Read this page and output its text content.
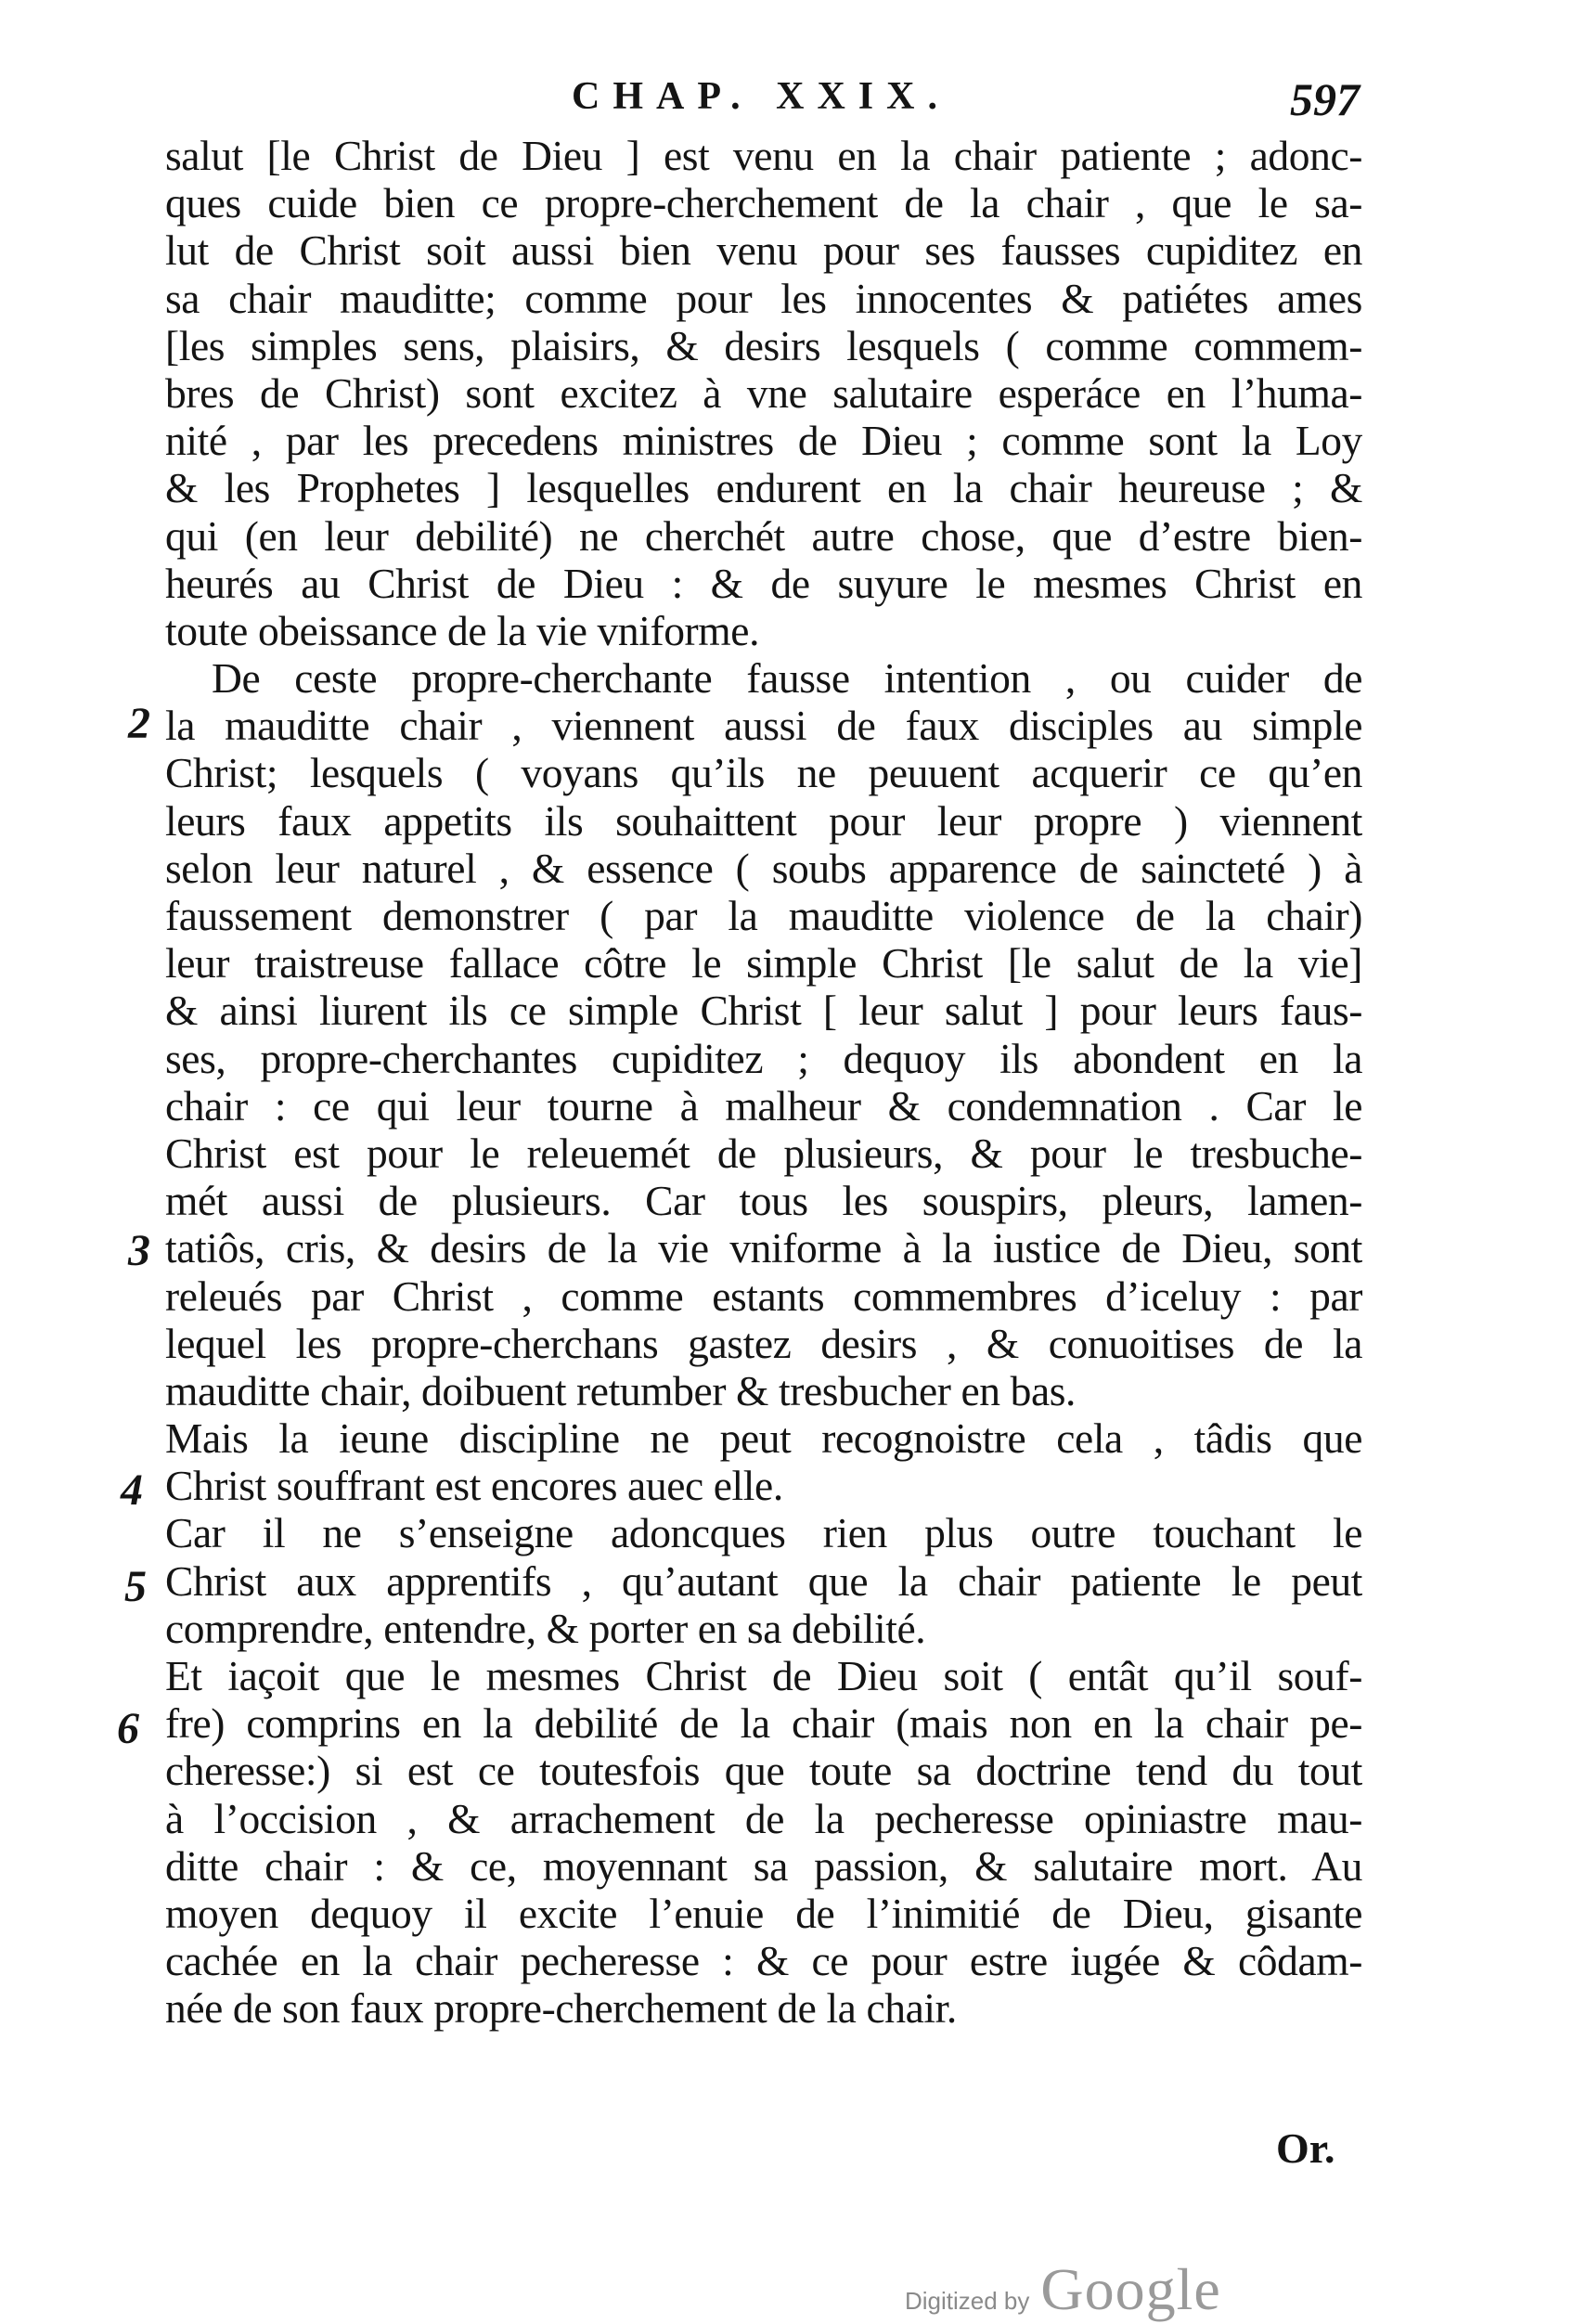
CHAP. XXIX.	597
salut [le Christ de Dieu ] est venu en la chair patiente ; adonc-
ques cuide bien ce propre-cherchement de la chair , que le sa-
lut de Christ soit aussi bien venu pour ses fausses cupiditez en
sa chair mauditte; comme pour les innocentes & patiétes ames
[les simples sens, plaisirs, & desirs lesquels ( comme commem-
bres de Christ) sont excitez à vne salutaire esperáce en l’huma-
nité , par les precedens ministres de Dieu ; comme sont la Loy
& les Prophetes ] lesquelles endurent en la chair heureuse ; &
qui (en leur debilité) ne cherchét autre chose, que d’estre bien-
heurés au Christ de Dieu : & de suyure le mesmes Christ en
toute obeissance de la vie vniforme.
De ceste propre-cherchante fausse intention , ou cuider de
la mauditte chair , viennent aussi de faux disciples au simple
Christ; lesquels ( voyans qu’ils ne peuuent acquerir ce qu’en
leurs faux appetits ils souhaittent pour leur propre ) viennent
selon leur naturel , & essence ( soubs apparence de saincteté ) à
faussement demonstrer ( par la mauditte violence de la chair)
leur traistreuse fallace côtre le simple Christ [le salut de la vie]
& ainsi liurent ils ce simple Christ [ leur salut ] pour leurs faus-
ses, propre-cherchantes cupiditez ; dequoy ils abondent en la
chair : ce qui leur tourne à malheur & condemnation . Car le
Christ est pour le releuemét de plusieurs, & pour le tresbuche-
mét aussi de plusieurs. Car tous les souspirs, pleurs, lamen-
tatiôs, cris, & desirs de la vie vniforme à la iustice de Dieu, sont
releués par Christ , comme estants commembres d’iceluy : par
lequel les propre-cherchans gastez desirs , & conuoitises de la
mauditte chair, doibuent retumber & tresbucher en bas.
Mais la ieune discipline ne peut recognoistre cela , tâdis que
Christ souffrant est encores auec elle.
Car il ne s’enseigne adoncques rien plus outre touchant le
Christ aux apprentifs , qu’autant que la chair patiente le peut
comprendre, entendre, & porter en sa debilité.
Et iaçoit que le mesmes Christ de Dieu soit ( entât qu’il souf-
fre) comprins en la debilité de la chair (mais non en la chair pe-
cheresse:) si est ce toutesfois que toute sa doctrine tend du tout
à l’occision , & arrachement de la pecheresse opiniastre mau-
ditte chair : & ce, moyennant sa passion, & salutaire mort. Au
moyen dequoy il excite l’enuie de l’inimitié de Dieu, gisante
cachée en la chair pecheresse : & ce pour estre iugée & côdam-
née de son faux propre-cherchement de la chair.
2
3
4
5
6
Or.
Digitized by Google
